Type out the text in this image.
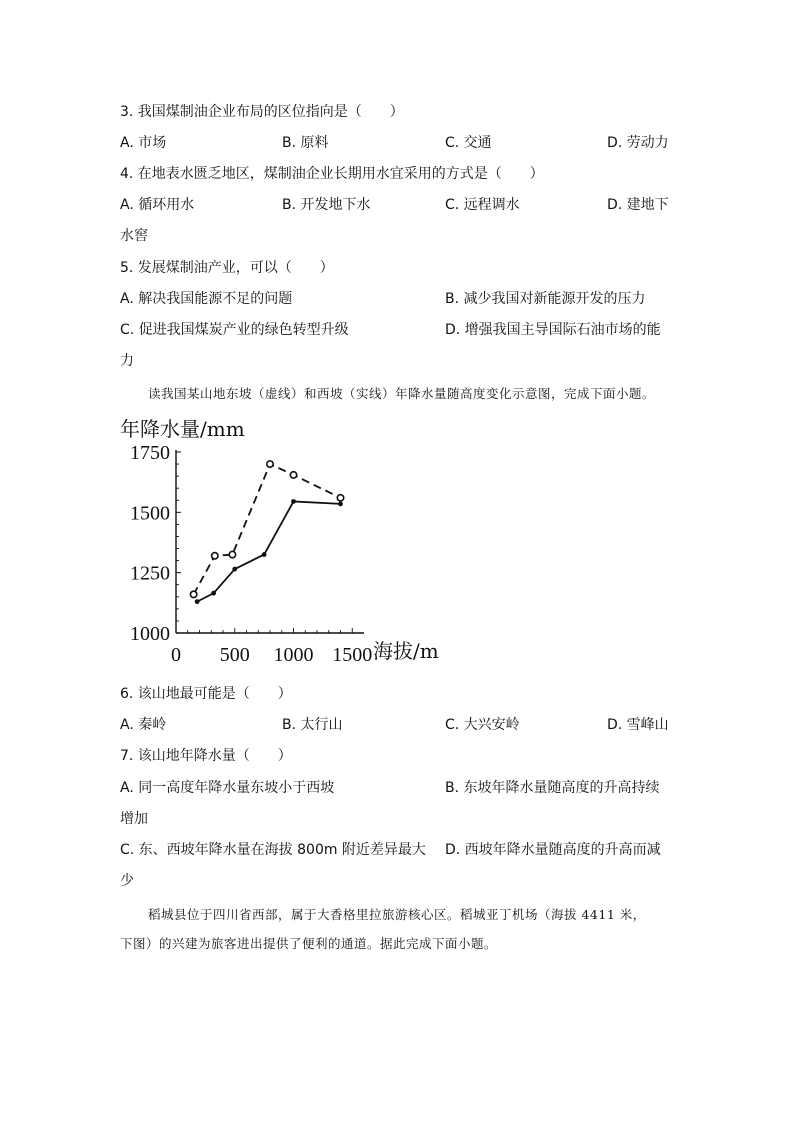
3. 我国煤制油企业布局的区位指向是（　　）
A. 市场	B. 原料	C. 交通	D. 劳动力
4. 在地表水匮乏地区，煤制油企业长期用水宜采用的方式是（　　）
A. 循环用水	B. 开发地下水	C. 远程调水	D. 建地下
水窖
5. 发展煤制油产业，可以（　　）
A. 解决我国能源不足的问题	B. 减少我国对新能源开发的压力
C. 促进我国煤炭产业的绿色转型升级	D. 增强我国主导国际石油市场的能
力
读我国某山地东坡（虚线）和西坡（实线）年降水量随高度变化示意图，完成下面小题。
1000
1250
1500
1750
0 500 1000 1500
年降水量/mm
海拔/m
6. 该山地最可能是（　　）
A. 秦岭	B. 太行山	C. 大兴安岭	D. 雪峰山
7. 该山地年降水量（　　）
A. 同一高度年降水量东坡小于西坡	B. 东坡年降水量随高度的升高持续
增加
C. 东、西坡年降水量在海拔 800m 附近差异最大 D. 西坡年降水量随高度的升高而减
少
稻城县位于四川省西部，属于大香格里拉旅游核心区。稻城亚丁机场（海拔 4411 米，
下图）的兴建为旅客进出提供了便利的通道。据此完成下面小题。
